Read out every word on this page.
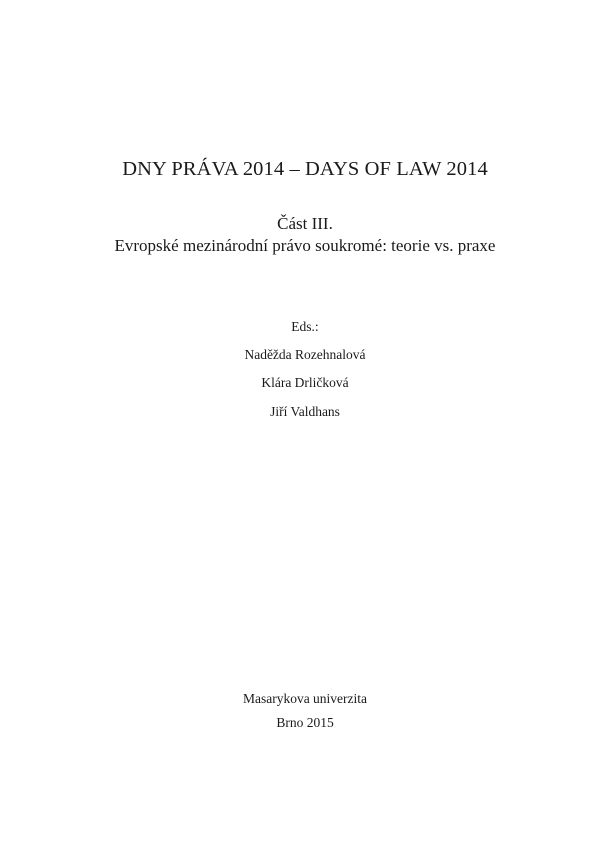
DNY PRÁVA 2014 – DAYS OF LAW 2014
Část III.
Evropské mezinárodní právo soukromé: teorie vs. praxe
Eds.:
Naděžda Rozehnalová
Klára Drličková
Jiří Valdhans
Masarykova univerzita
Brno 2015
